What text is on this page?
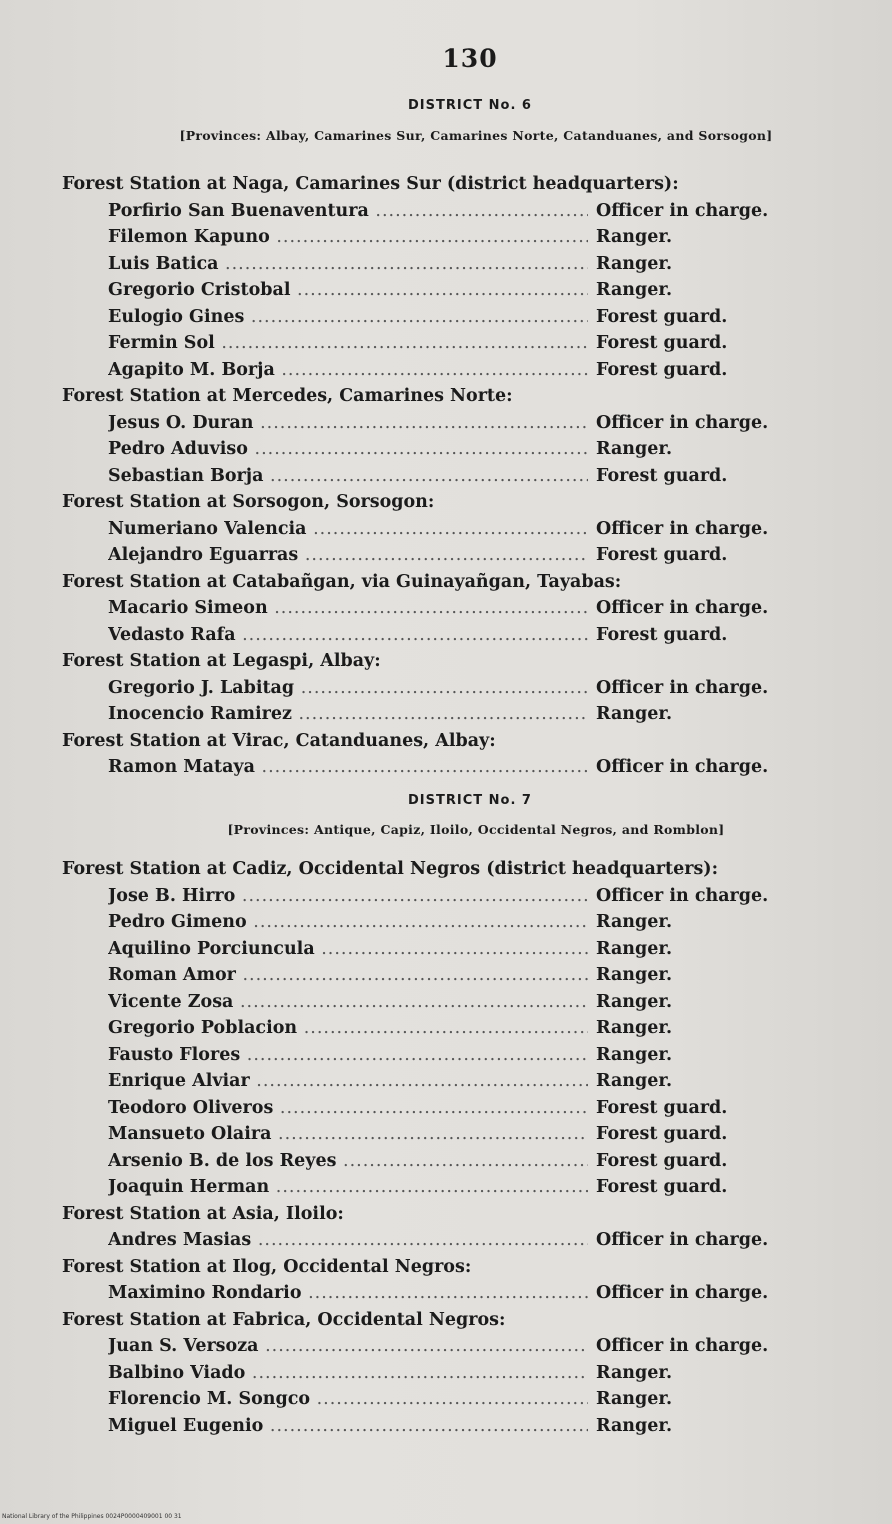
130
DISTRICT No. 6
[Provinces: Albay, Camarines Sur, Camarines Norte, Catanduanes, and Sorsogon]
Forest Station at Naga, Camarines Sur (district headquarters):
Porfirio San Buenaventura .....	Officer in charge.
Filemon Kapuno .....	Ranger.
Luis Batica .....	Ranger.
Gregorio Cristobal .....	Ranger.
Eulogio Gines .....	Forest guard.
Fermin Sol .....	Forest guard.
Agapito M. Borja .....	Forest guard.
Forest Station at Mercedes, Camarines Norte:
Jesus O. Duran .....	Officer in charge.
Pedro Aduviso .....	Ranger.
Sebastian Borja .....	Forest guard.
Forest Station at Sorsogon, Sorsogon:
Numeriano Valencia .....	Officer in charge.
Alejandro Eguarras .....	Forest guard.
Forest Station at Catabañgan, via Guinayañgan, Tayabas:
Macario Simeon .....	Officer in charge.
Vedasto Rafa .....	Forest guard.
Forest Station at Legaspi, Albay:
Gregorio J. Labitag .....	Officer in charge.
Inocencio Ramirez .....	Ranger.
Forest Station at Virac, Catanduanes, Albay:
Ramon Mataya .....	Officer in charge.
DISTRICT No. 7
[Provinces: Antique, Capiz, Iloilo, Occidental Negros, and Romblon]
Forest Station at Cadiz, Occidental Negros (district headquarters):
Jose B. Hirro .....	Officer in charge.
Pedro Gimeno .....	Ranger.
Aquilino Porciuncula .....	Ranger.
Roman Amor .....	Ranger.
Vicente Zosa .....	Ranger.
Gregorio Poblacion .....	Ranger.
Fausto Flores .....	Ranger.
Enrique Alviar .....	Ranger.
Teodoro Oliveros .....	Forest guard.
Mansueto Olaira .....	Forest guard.
Arsenio B. de los Reyes .....	Forest guard.
Joaquin Herman .....	Forest guard.
Forest Station at Asia, Iloilo:
Andres Masias .....	Officer in charge.
Forest Station at Ilog, Occidental Negros:
Maximino Rondario .....	Officer in charge.
Forest Station at Fabrica, Occidental Negros:
Juan S. Versoza .....	Officer in charge.
Balbino Viado .....	Ranger.
Florencio M. Songco .....	Ranger.
Miguel Eugenio .....	Ranger.
National Library of the Philippines 0024P0000409001 00 31
